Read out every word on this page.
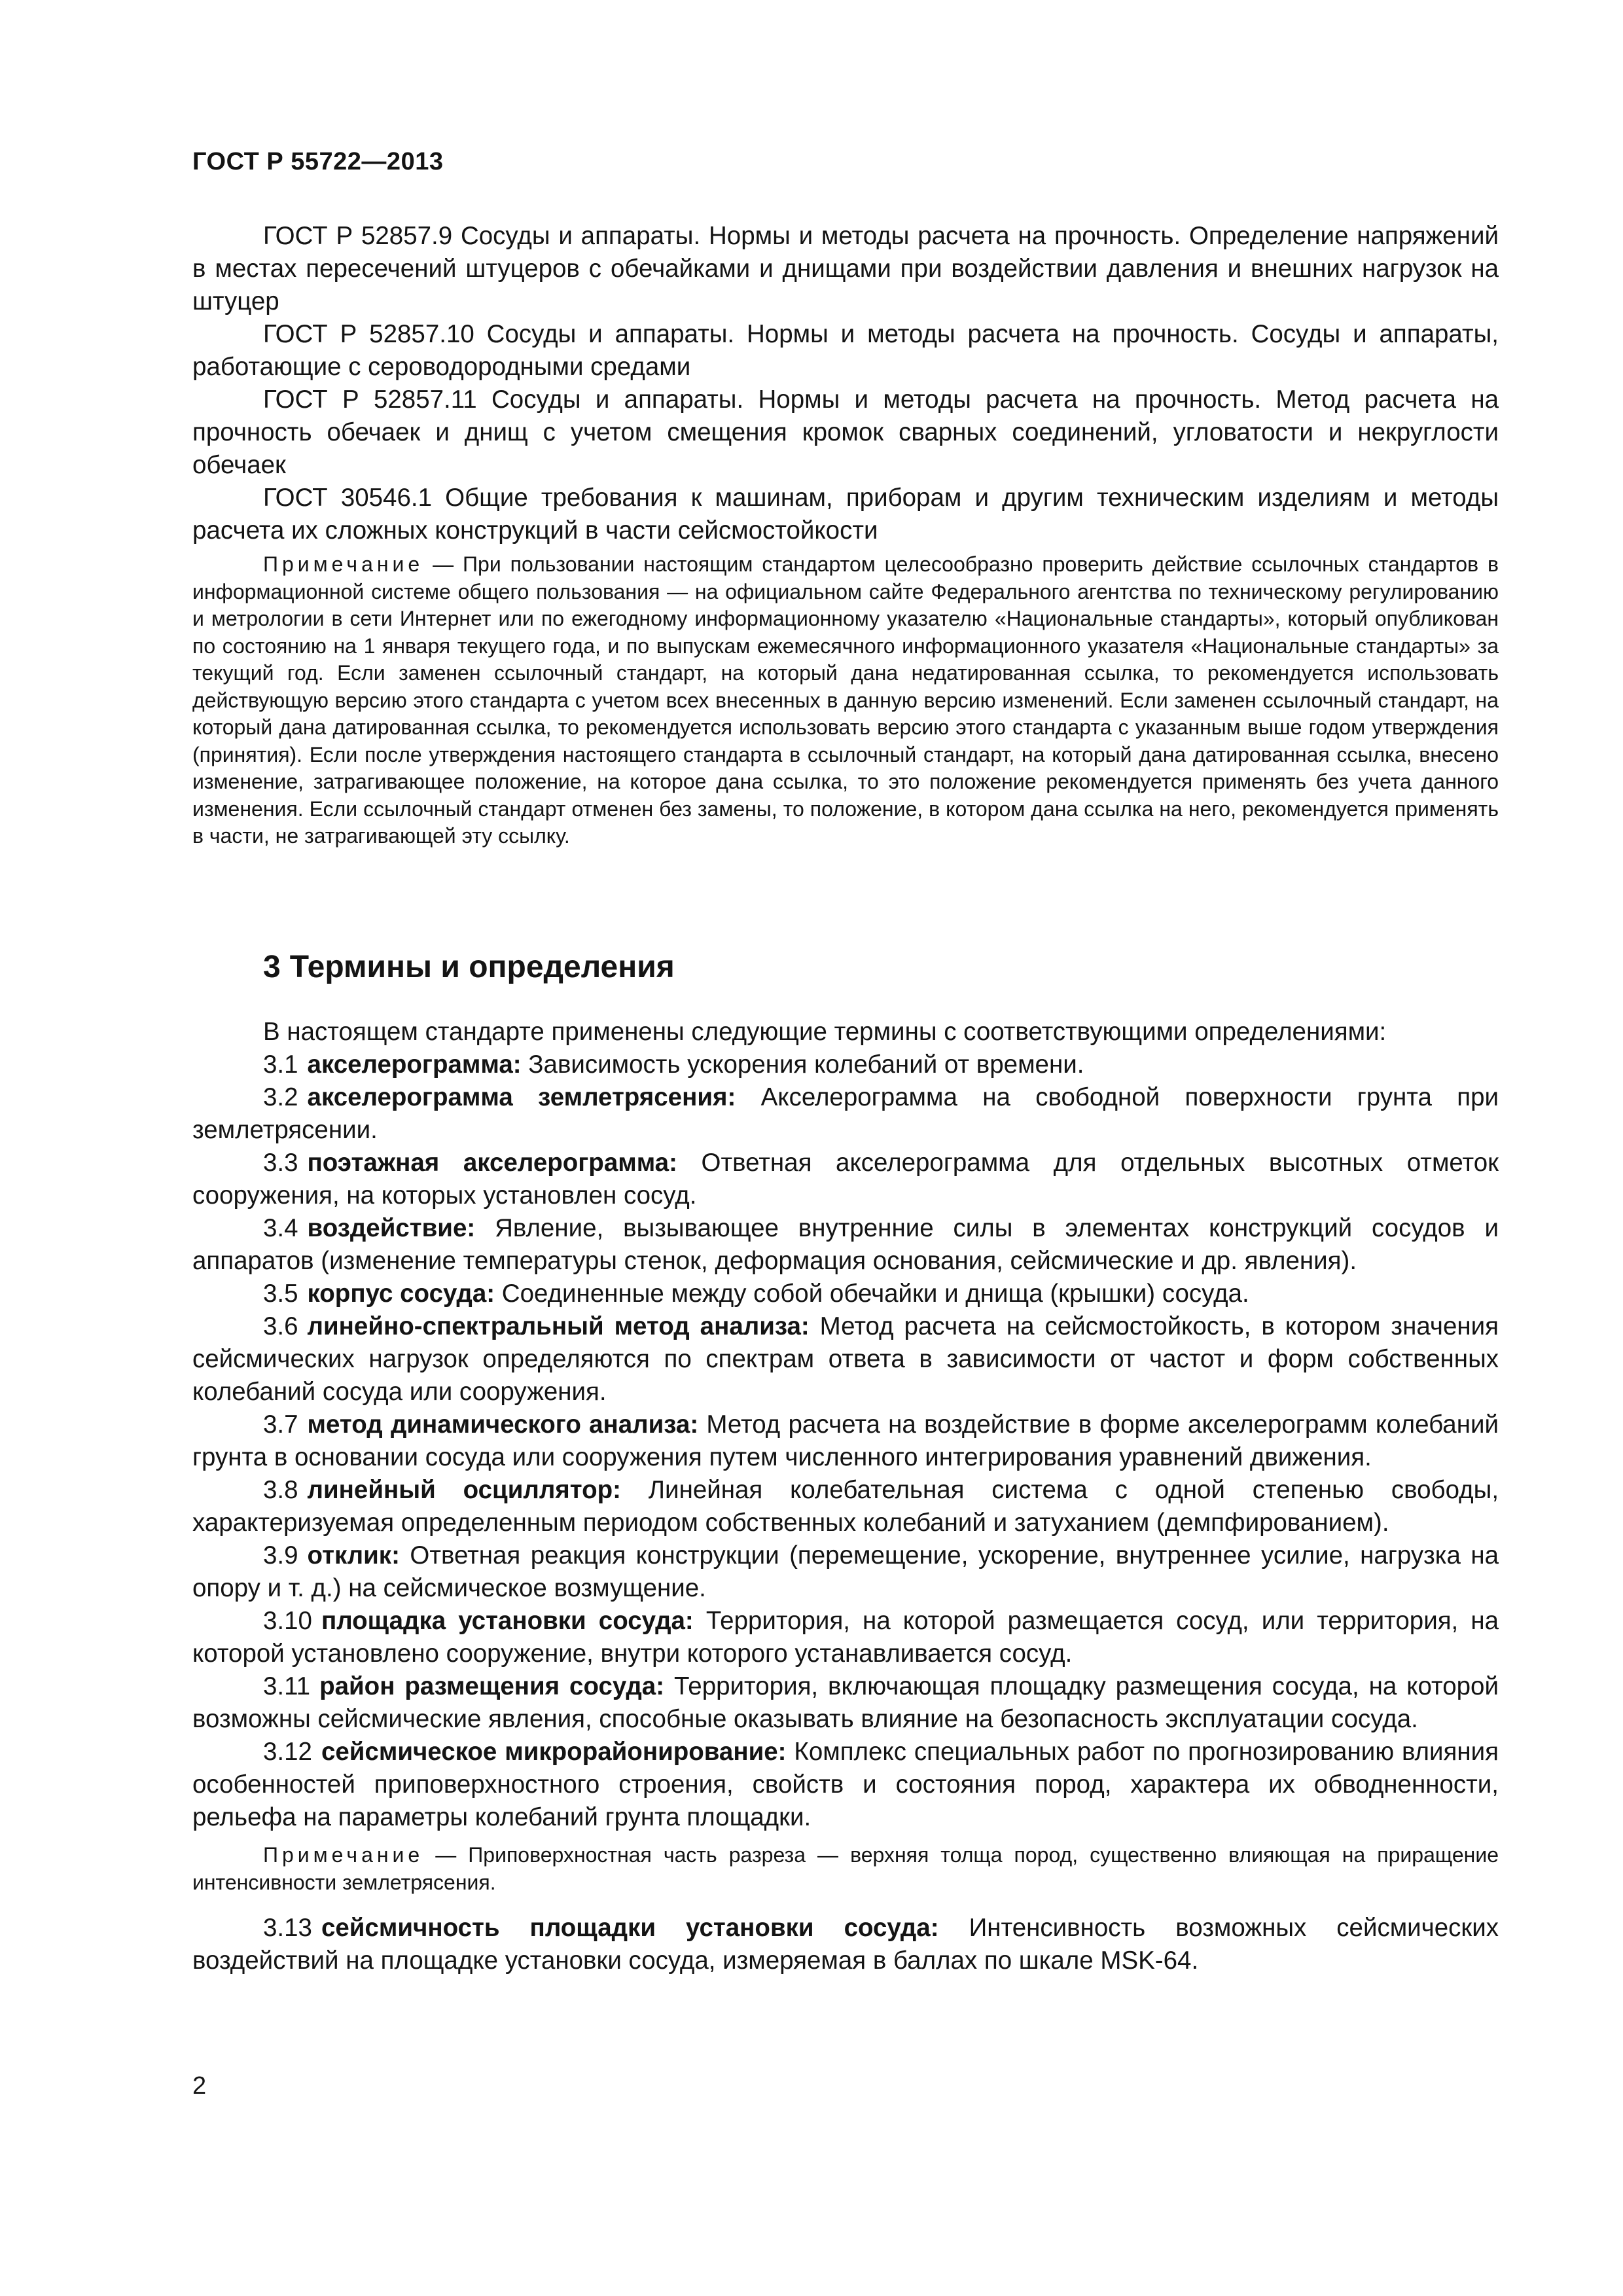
ГОСТ Р 55722—2013

ГОСТ Р 52857.9 Сосуды и аппараты. Нормы и методы расчета на прочность. Определение напряжений в местах пересечений штуцеров с обечайками и днищами при воздействии давления и внешних нагрузок на штуцер

ГОСТ Р 52857.10 Сосуды и аппараты. Нормы и методы расчета на прочность. Сосуды и аппараты, работающие с сероводородными средами

ГОСТ Р 52857.11 Сосуды и аппараты. Нормы и методы расчета на прочность. Метод расчета на прочность обечаек и днищ с учетом смещения кромок сварных соединений, угловатости и некруглости обечаек

ГОСТ 30546.1 Общие требования к машинам, приборам и другим техническим изделиям и методы расчета их сложных конструкций в части сейсмостойкости

Примечание — При пользовании настоящим стандартом целесообразно проверить действие ссылочных стандартов в информационной системе общего пользования — на официальном сайте Федерального агентства по техническому регулированию и метрологии в сети Интернет или по ежегодному информационному указателю «Национальные стандарты», который опубликован по состоянию на 1 января текущего года, и по выпускам ежемесячного информационного указателя «Национальные стандарты» за текущий год. Если заменен ссылочный стандарт, на который дана недатированная ссылка, то рекомендуется использовать действующую версию этого стандарта с учетом всех внесенных в данную версию изменений. Если заменен ссылочный стандарт, на который дана датированная ссылка, то рекомендуется использовать версию этого стандарта с указанным выше годом утверждения (принятия). Если после утверждения настоящего стандарта в ссылочный стандарт, на который дана датированная ссылка, внесено изменение, затрагивающее положение, на которое дана ссылка, то это положение рекомендуется применять без учета данного изменения. Если ссылочный стандарт отменен без замены, то положение, в котором дана ссылка на него, рекомендуется применять в части, не затрагивающей эту ссылку.

3 Термины и определения

В настоящем стандарте применены следующие термины с соответствующими определениями:

3.1 акселерограмма: Зависимость ускорения колебаний от времени.

3.2 акселерограмма землетрясения: Акселерограмма на свободной поверхности грунта при землетрясении.

3.3 поэтажная акселерограмма: Ответная акселерограмма для отдельных высотных отметок сооружения, на которых установлен сосуд.

3.4 воздействие: Явление, вызывающее внутренние силы в элементах конструкций сосудов и аппаратов (изменение температуры стенок, деформация основания, сейсмические и др. явления).

3.5 корпус сосуда: Соединенные между собой обечайки и днища (крышки) сосуда.

3.6 линейно-спектральный метод анализа: Метод расчета на сейсмостойкость, в котором значения сейсмических нагрузок определяются по спектрам ответа в зависимости от частот и форм собственных колебаний сосуда или сооружения.

3.7 метод динамического анализа: Метод расчета на воздействие в форме акселерограмм колебаний грунта в основании сосуда или сооружения путем численного интегрирования уравнений движения.

3.8 линейный осциллятор: Линейная колебательная система с одной степенью свободы, характеризуемая определенным периодом собственных колебаний и затуханием (демпфированием).

3.9 отклик: Ответная реакция конструкции (перемещение, ускорение, внутреннее усилие, нагрузка на опору и т. д.) на сейсмическое возмущение.

3.10 площадка установки сосуда: Территория, на которой размещается сосуд, или территория, на которой установлено сооружение, внутри которого устанавливается сосуд.

3.11 район размещения сосуда: Территория, включающая площадку размещения сосуда, на которой возможны сейсмические явления, способные оказывать влияние на безопасность эксплуатации сосуда.

3.12 сейсмическое микрорайонирование: Комплекс специальных работ по прогнозированию влияния особенностей приповерхностного строения, свойств и состояния пород, характера их обводненности, рельефа на параметры колебаний грунта площадки.

Примечание — Приповерхностная часть разреза — верхняя толща пород, существенно влияющая на приращение интенсивности землетрясения.

3.13 сейсмичность площадки установки сосуда: Интенсивность возможных сейсмических воздействий на площадке установки сосуда, измеряемая в баллах по шкале MSK-64.

2
